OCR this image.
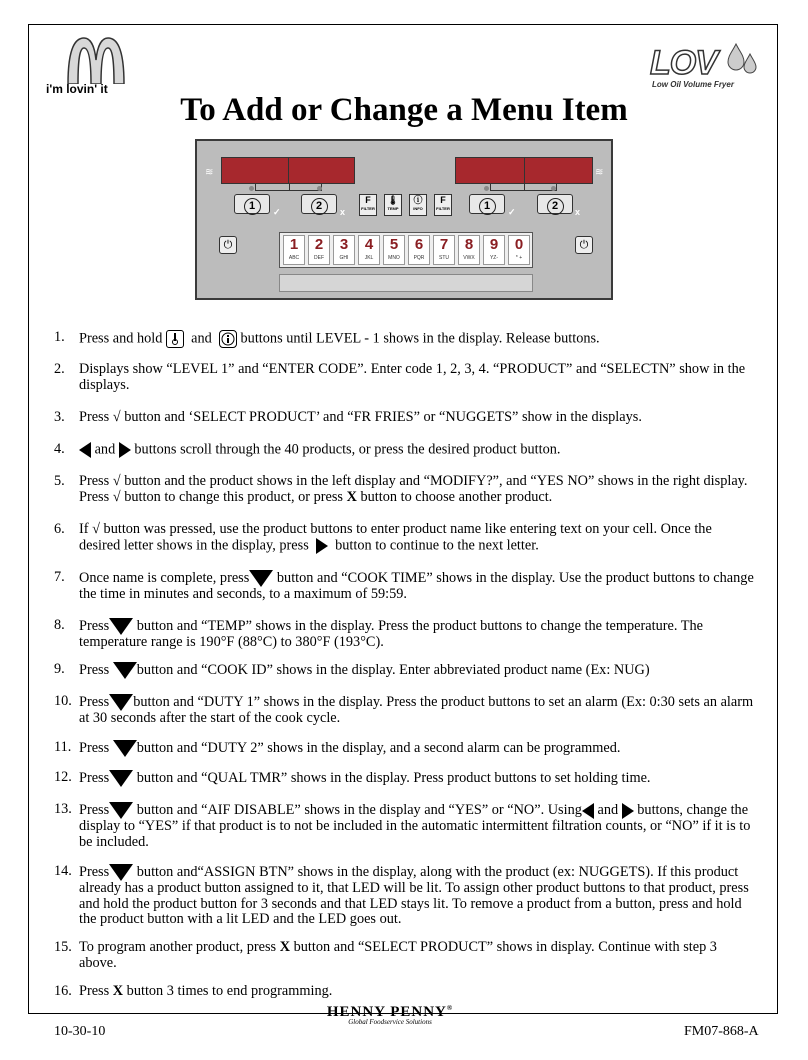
i'm lovin' it
LOV
Low Oil Volume Fryer
To Add or Change a Menu Item
≋	≋
1	2
✓	x
F
FILTER
🌡
TEMP
ⓘ
INFO
F
FILTER	1	2
✓	x
⏻	⏻
1
ABC
2
DEF
3
GHI
4
JKL
5
MNO
6
PQR
7
STU
8
VWX
9
YZ-
0
* +
1. Press and hold and buttons until LEVEL - 1 shows in the display. Release buttons.
2. Displays show “LEVEL 1” and “ENTER CODE”. Enter code 1, 2, 3, 4. “PRODUCT” and “SELECTN” show in the displays.
3. Press √ button and ‘SELECT PRODUCT’ and “FR FRIES” or “NUGGETS” show in the displays.
4.	and buttons scroll through the 40 products, or press the desired product button.
5. Press √ button and the product shows in the left display and “MODIFY?”, and “YES NO” shows in the right display. Press √ button to change this product, or press X button to choose another product.
6. If √ button was pressed, use the product buttons to enter product name like entering text on your cell. Once the desired letter shows in the display, press button to continue to the next letter.
7. Once name is complete, press button and “COOK TIME” shows in the display. Use the product buttons to change the time in minutes and seconds, to a maximum of 59:59.
8. Press button and “TEMP” shows in the display. Press the product buttons to change the temperature. The temperature range is 190°F (88°C) to 380°F (193°C).
9. Press button and “COOK ID” shows in the display. Enter abbreviated product name (Ex: NUG)
10. Press button and “DUTY 1” shows in the display. Press the product buttons to set an alarm (Ex: 0:30 sets an alarm at 30 seconds after the start of the cook cycle.
11. Press button and “DUTY 2” shows in the display, and a second alarm can be programmed.
12. Press button and “QUAL TMR” shows in the display. Press product buttons to set holding time.
13. Press button and “AIF DISABLE” shows in the display and “YES” or “NO”. Using and buttons, change the display to “YES” if that product is to not be included in the automatic intermittent filtration counts, or “NO” if it is to be included.
14. Press button and“ASSIGN BTN” shows in the display, along with the product (ex: NUGGETS). If this product already has a product button assigned to it, that LED will be lit. To assign other product buttons to that product, press and hold the product button for 3 seconds and that LED stays lit. To remove a product from a button, press and hold the product button with a lit LED and the LED goes out.
15. To program another product, press X button and “SELECT PRODUCT” shows in display. Continue with step 3 above.
16. Press X button 3 times to end programming.
10-30-10
HENNY PENNY®
Global Foodservice Solutions
FM07-868-A
